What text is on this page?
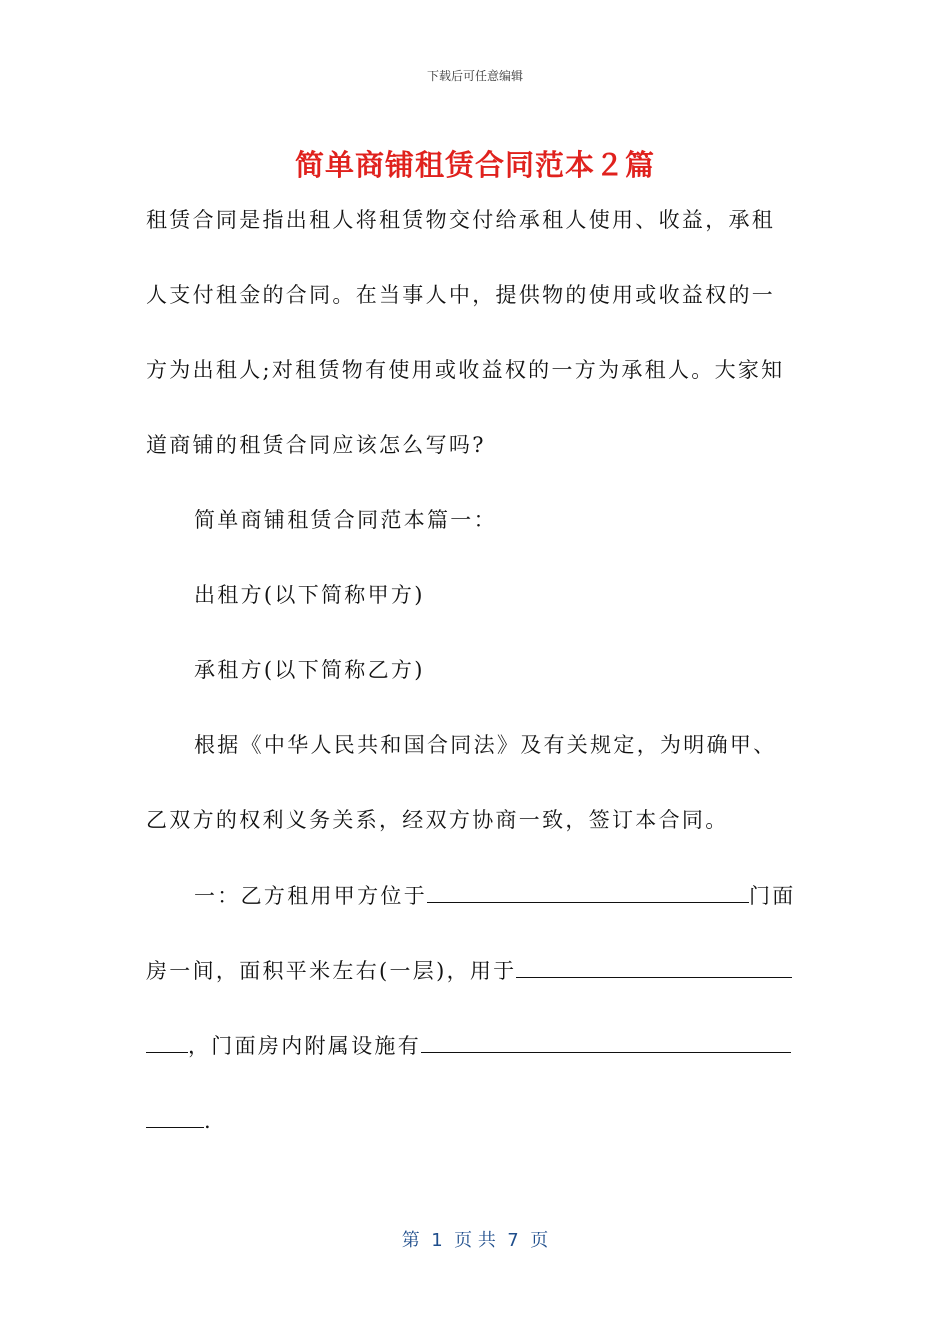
下载后可任意编辑
简单商铺租赁合同范本２篇
租赁合同是指出租人将租赁物交付给承租人使用、收益，承租
人支付租金的合同。在当事人中，提供物的使用或收益权的一
方为出租人;对租赁物有使用或收益权的一方为承租人。大家知
道商铺的租赁合同应该怎么写吗?
简单商铺租赁合同范本篇一：
出租方(以下简称甲方)
承租方(以下简称乙方)
根据《中华人民共和国合同法》及有关规定，为明确甲、
乙双方的权利义务关系，经双方协商一致，签订本合同。
一：乙方租用甲方位于	门面
房一间，面积平米左右(一层)，用于
，门面房内附属设施有
.
第  1  页 共  7  页
